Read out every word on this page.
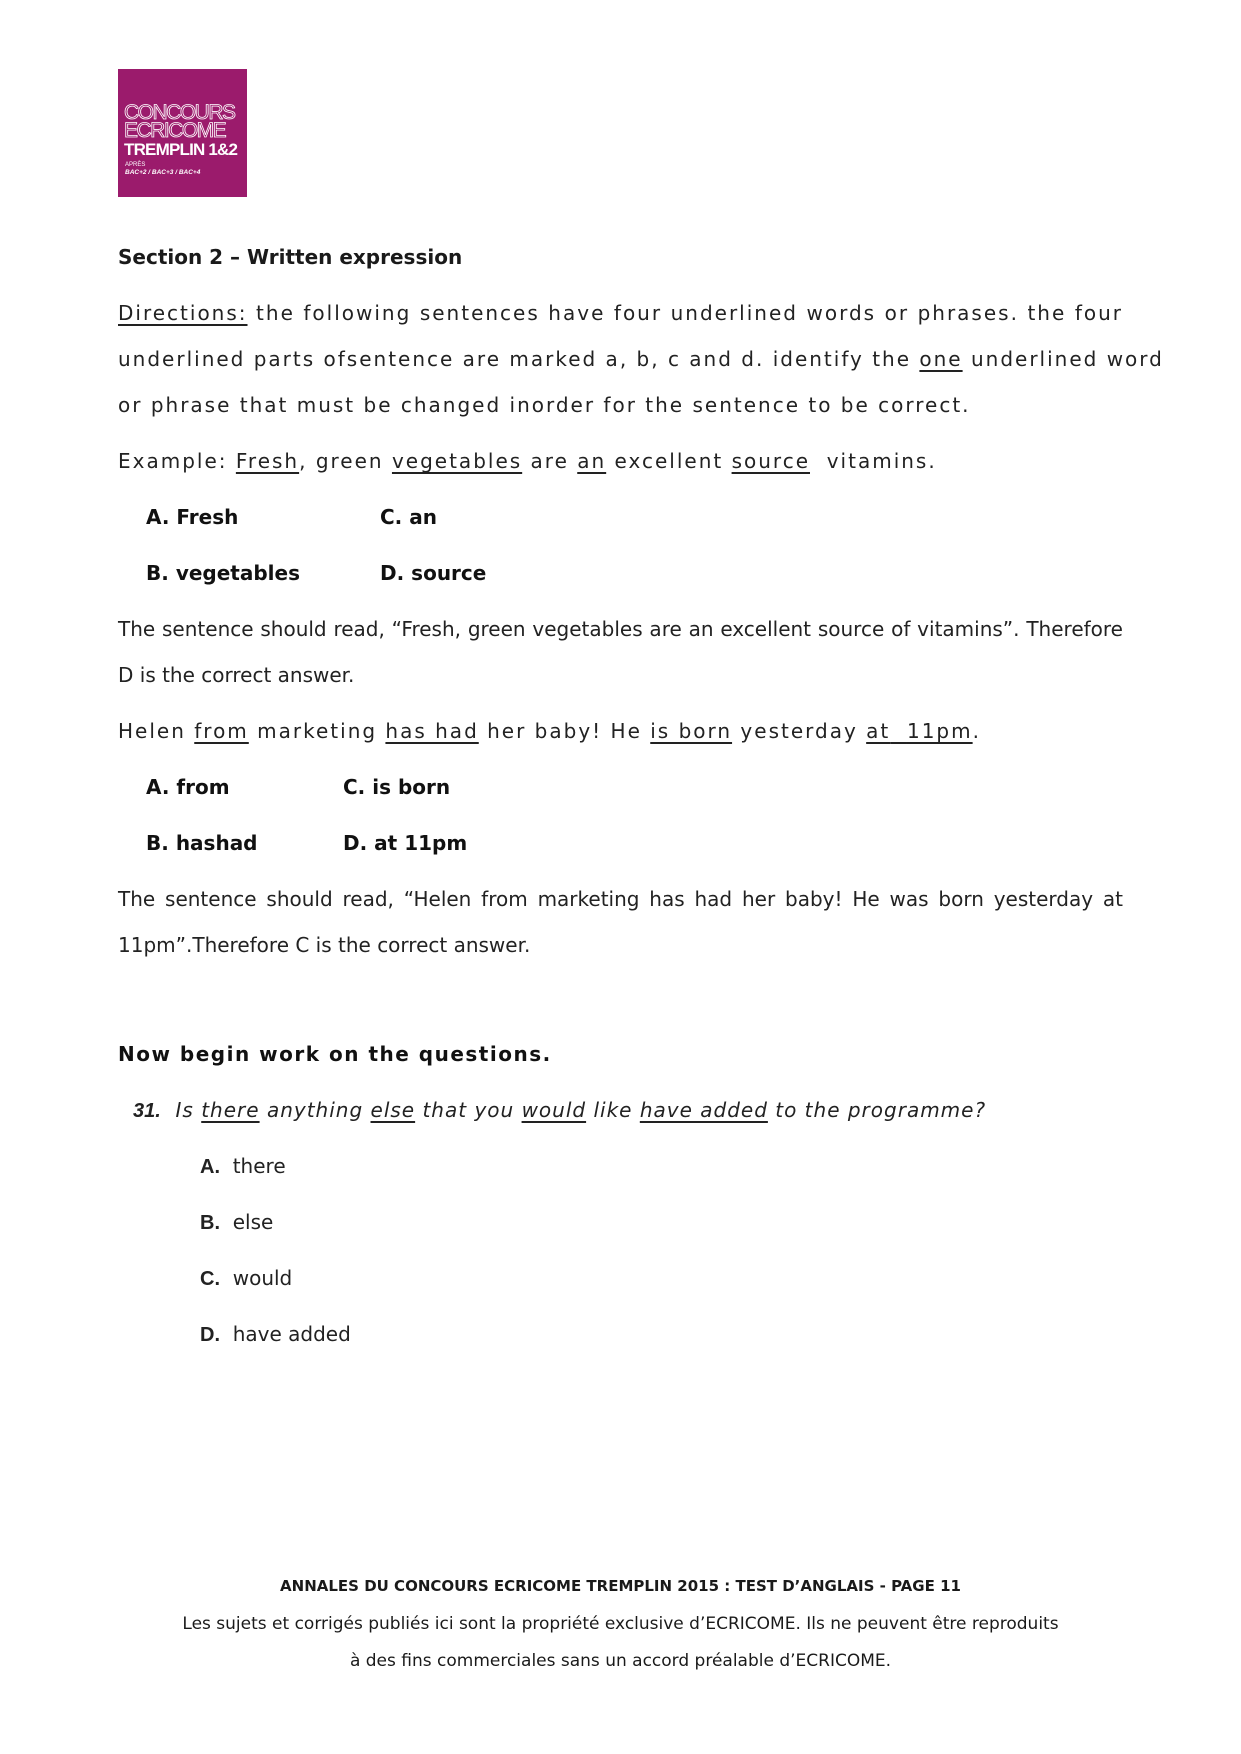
CONCOURS
ECRICOME
TREMPLIN 1&2
APRÈS
BAC+2 / BAC+3 / BAC+4
Section 2 – Written expression
Directions: the following sentences have four underlined words or phrases. the four
underlined parts ofsentence are marked a, b, c and d. identify the one underlined word
or phrase that must be changed inorder for the sentence to be correct.
Example: Fresh, green vegetables are an excellent source vitamins.
A. Fresh	C. an
B. vegetables	D. source
The sentence should read, “Fresh, green vegetables are an excellent source of vitamins”. Therefore
D is the correct answer.
Helen from marketing has had her baby! He is born yesterday at 11pm.
A. from	C. is born
B. hashad	D. at 11pm
The sentence should read, “Helen from marketing has had her baby! He was born yesterday at
11pm”.Therefore C is the correct answer.
Now begin work on the questions.
31. Is there anything else that you would like have added to the programme?
A. there
B. else
C. would
D. have added
ANNALES DU CONCOURS ECRICOME TREMPLIN 2015 : TEST D’ANGLAIS - PAGE 11
Les sujets et corrigés publiés ici sont la propriété exclusive d’ECRICOME. Ils ne peuvent être reproduits
à des fins commerciales sans un accord préalable d’ECRICOME.
